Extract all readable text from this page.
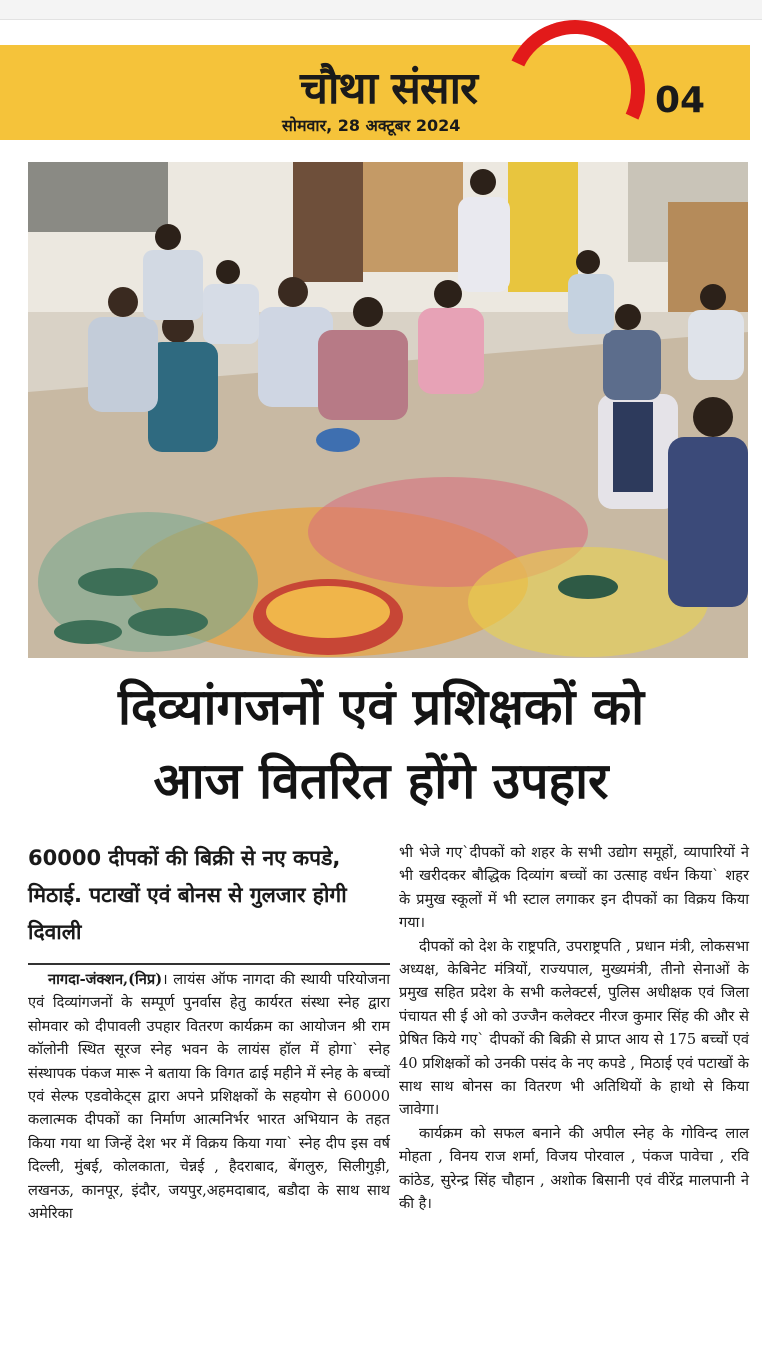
चौथा संसार
सोमवार, 28 अक्टूबर 2024
04
दिव्यांगजनों एवं प्रशिक्षकों को
आज वितरित होंगे उपहार
60000 दीपकों की बिक्री से नए कपडे, मिठाई. पटाखों एवं बोनस से गुलजार होगी दिवाली

नागदा-जंक्शन,(निप्र)। लायंस ऑफ नागदा की स्थायी परियोजना एवं दिव्यांगजनों के सम्पूर्ण पुनर्वास हेतु कार्यरत संस्था स्नेह द्वारा सोमवार को दीपावली उपहार वितरण कार्यक्रम का आयोजन श्री राम कॉलोनी स्थित सूरज स्नेह भवन के लायंस हॉल में होगा` स्नेह संस्थापक पंकज मारू ने बताया कि विगत ढाई महीने में स्नेह के बच्चों एवं सेल्फ एडवोकेट्स द्वारा अपने प्रशिक्षकों के सहयोग से 60000 कलात्मक दीपकों का निर्माण आत्मनिर्भर भारत अभियान के तहत किया गया था जिन्हें देश भर में विक्रय किया गया` स्नेह दीप इस वर्ष दिल्ली, मुंबई, कोलकाता, चेन्नई , हैदराबाद, बेंगलुरु, सिलीगुड़ी, लखनऊ, कानपूर, इंदौर, जयपुर,अहमदाबाद, बडौदा के साथ साथ अमेरिका

भी भेजे गए`दीपकों को शहर के सभी उद्योग समूहों, व्यापारियों ने भी खरीदकर बौद्धिक दिव्यांग बच्चों का उत्साह वर्धन किया` शहर के प्रमुख स्कूलों में भी स्टाल लगाकर इन दीपकों का विक्रय किया गया।

दीपकों को देश के राष्ट्रपति, उपराष्ट्रपति , प्रधान मंत्री, लोकसभा अध्यक्ष, केबिनेट मंत्रियों, राज्यपाल, मुख्यमंत्री, तीनो सेनाओं के प्रमुख सहित प्रदेश के सभी कलेक्टर्स, पुलिस अधीक्षक एवं जिला पंचायत सी ई ओ को उज्जैन कलेक्टर नीरज कुमार सिंह की और से प्रेषित किये गए` दीपकों की बिक्री से प्राप्त आय से 175 बच्चों एवं 40 प्रशिक्षकों को उनकी पसंद के नए कपडे , मिठाई एवं पटाखों के साथ साथ बोनस का वितरण भी अतिथियों के हाथो से किया जावेगा।

कार्यक्रम को सफल बनाने की अपील स्नेह के गोविन्द लाल मोहता , विनय राज शर्मा, विजय पोरवाल , पंकज पावेचा , रवि कांठेड, सुरेन्द्र सिंह चौहान , अशोक बिसानी एवं वीरेंद्र मालपानी ने की है।
